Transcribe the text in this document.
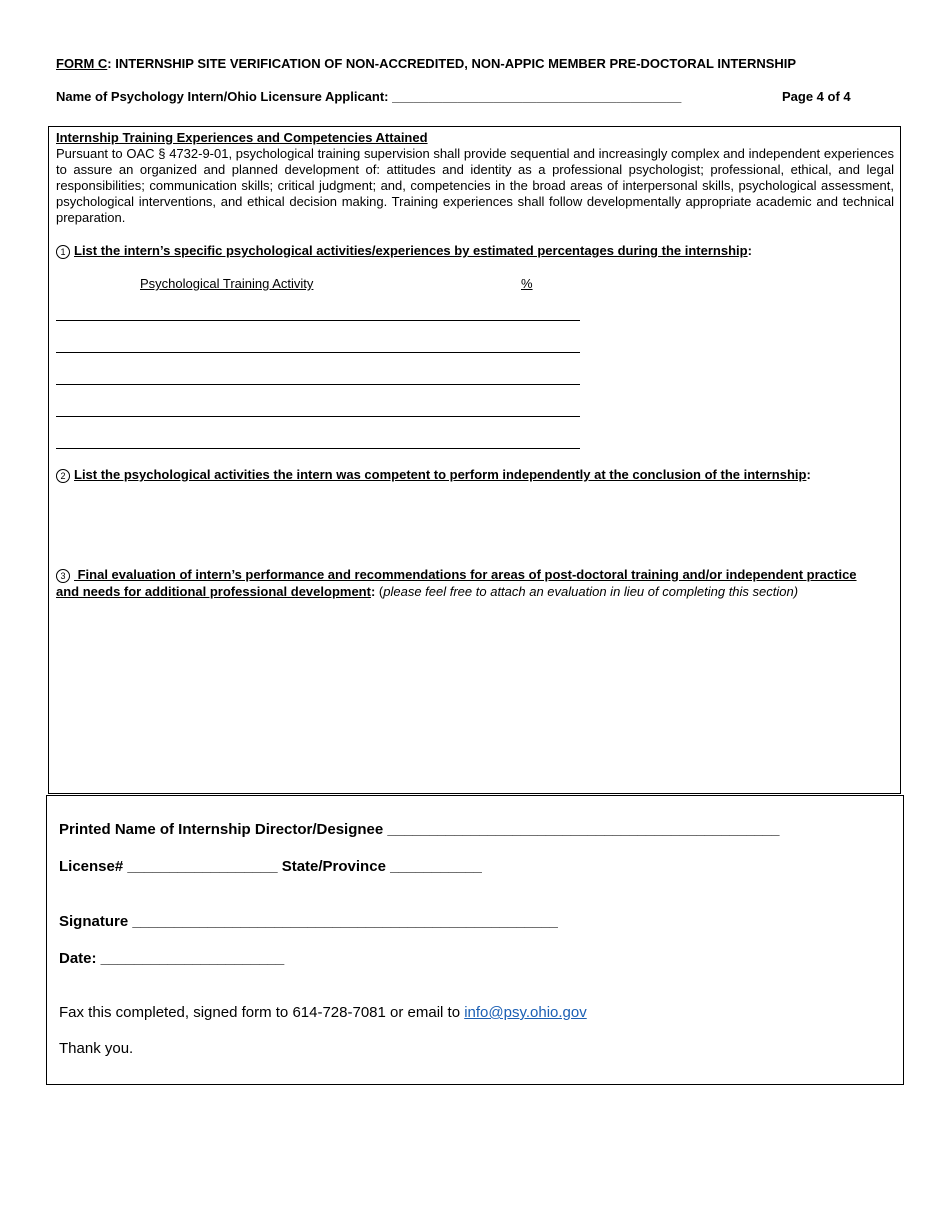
FORM C: INTERNSHIP SITE VERIFICATION OF NON-ACCREDITED, NON-APPIC MEMBER PRE-DOCTORAL INTERNSHIP
Name of Psychology Intern/Ohio Licensure Applicant: ________________________________________	Page 4 of 4
Internship Training Experiences and Competencies Attained
Pursuant to OAC § 4732-9-01, psychological training supervision shall provide sequential and increasingly complex and independent experiences to assure an organized and planned development of: attitudes and identity as a professional psychologist; professional, ethical, and legal responsibilities; communication skills; critical judgment; and, competencies in the broad areas of interpersonal skills, psychological assessment, psychological interventions, and ethical decision making. Training experiences shall follow developmentally appropriate academic and technical preparation.
1 List the intern’s specific psychological activities/experiences by estimated percentages during the internship:
Psychological Training Activity	%
2 List the psychological activities the intern was competent to perform independently at the conclusion of the internship:
3 Final evaluation of intern’s performance and recommendations for areas of post-doctoral training and/or independent practice and needs for additional professional development: (please feel free to attach an evaluation in lieu of completing this section)
Printed Name of Internship Director/Designee _______________________________________________
License# __________________ State/Province ___________
Signature ___________________________________________________
Date: ______________________
Fax this completed, signed form to 614-728-7081 or email to info@psy.ohio.gov
Thank you.
